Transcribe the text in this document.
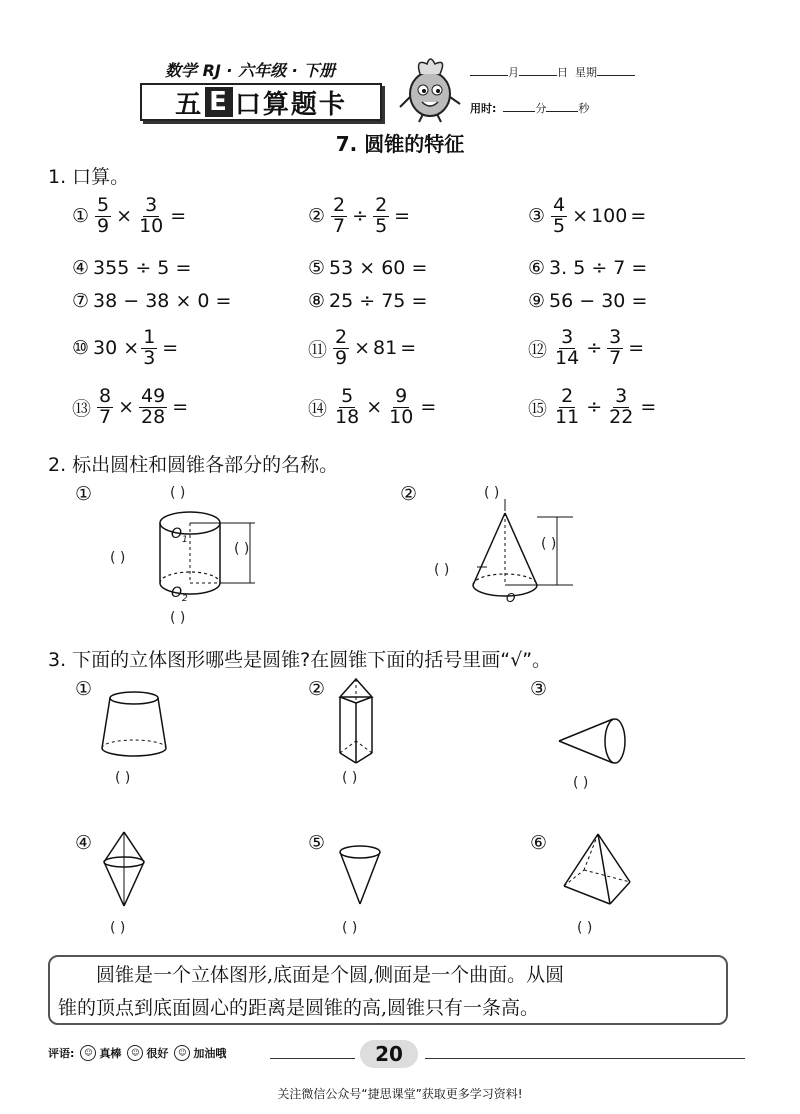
数学 RJ · 六年级 · 下册
五 E 口算题卡
月	日 星期
用时:	分	秒
7. 圆锥的特征
1. 口算。
① $\frac{5}{9} \times \frac{3}{10}$ =	② $\frac{2}{7} \div \frac{2}{5}$ =	③ $\frac{4}{5} \times 100$ =
④ 355 ÷ 5 =	⑤ 53 × 60 =	⑥ 3. 5 ÷ 7 =
⑦ 38 − 38 × 0 =	⑧ 25 ÷ 75 =	⑨ 56 − 30 =
⑩ $30 \times \frac{1}{3}$ =	⑪ $\frac{2}{9} \times 81$ =	⑫ $\frac{3}{14} \div \frac{3}{7}$ =
⑬ $\frac{8}{7} \times \frac{49}{28}$ =	⑭ $\frac{5}{18} \times \frac{9}{10}$ =	⑮ $\frac{2}{11} \div \frac{3}{22}$ =
2. 标出圆柱和圆锥各部分的名称。
①	②
$O_1$
$O_2$
( )
( )
( )
( )
O
( )
( )
( )
3. 下面的立体图形哪些是圆锥?在圆锥下面的括号里画“√”。
①	②	③
④	⑤	⑥
( )	( )	( )
( )	( )	( )

圆锥是一个立体图形,底面是个圆,侧面是一个曲面。从圆

锥的顶点到底面圆心的距离是圆锥的高,圆锥只有一条高。

评语:	☺ 真棒	☺ 很好	☺ 加油哦	20
关注微信公众号“捷思课堂”获取更多学习资料!
